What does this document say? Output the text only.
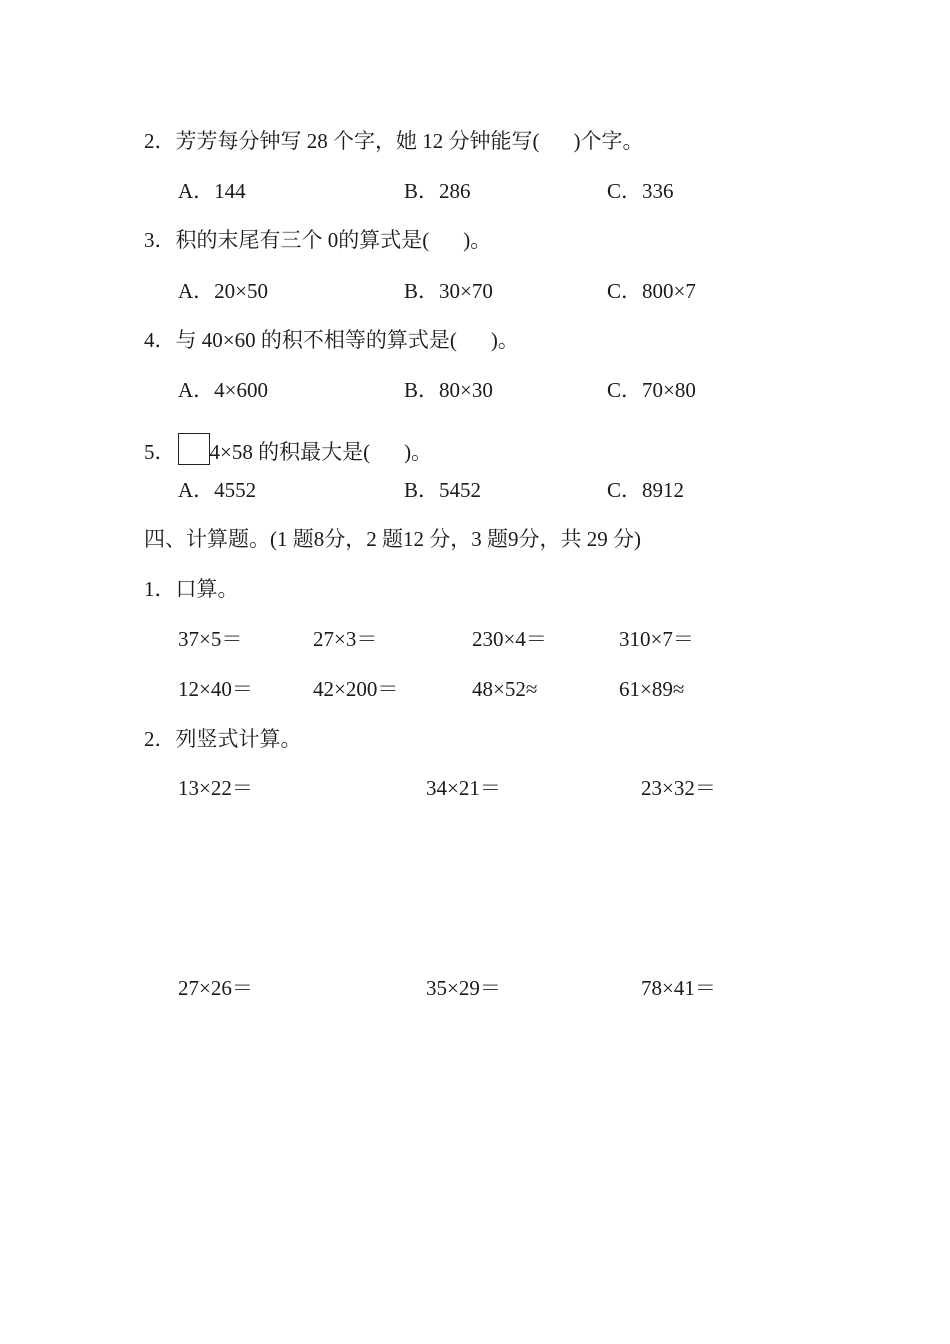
2．芳芳每分钟写 28 个字，她 12 分钟能写( )个字。
A．144	B．286	C．336
3．积的末尾有三个 0的算式是( )。
A．20×50	B．30×70	C．800×7
4．与 40×60 的积不相等的算式是( )。
A．4×600	B．80×30	C．70×80
5． 4×58 的积最大是( )。
A．4552	B．5452	C．8912
四、计算题。(1 题8分，2 题12 分，3 题9分，共 29 分)
1．口算。
37×5＝	27×3＝	230×4＝	310×7＝
12×40＝	42×200＝	48×52≈	61×89≈
2．列竖式计算。
13×22＝	34×21＝	23×32＝
27×26＝	35×29＝	78×41＝
